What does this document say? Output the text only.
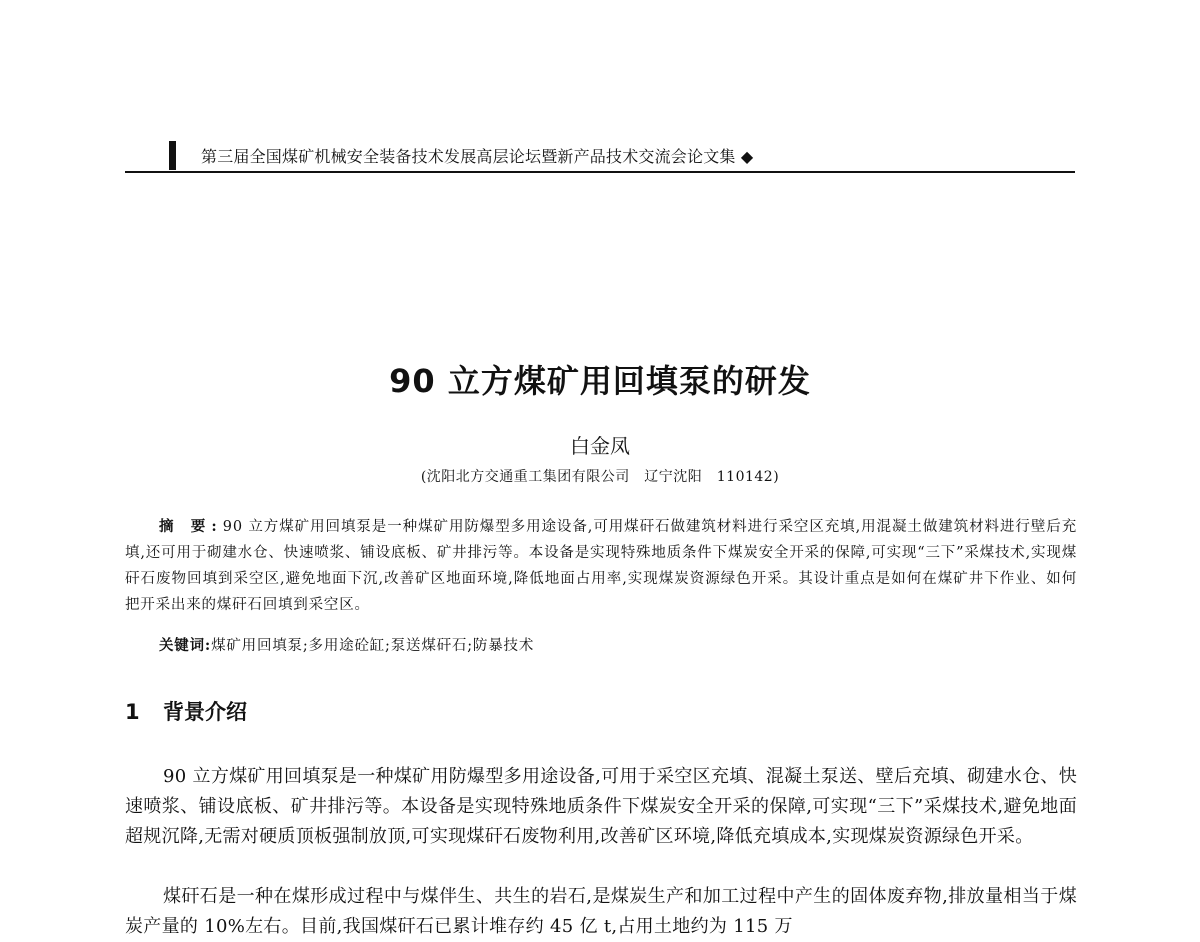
第三届全国煤矿机械安全装备技术发展高层论坛暨新产品技术交流会论文集 ◆
90 立方煤矿用回填泵的研发
白金凤
(沈阳北方交通重工集团有限公司　辽宁沈阳　110142)

摘 要:90 立方煤矿用回填泵是一种煤矿用防爆型多用途设备,可用煤矸石做建筑材料进行采空区充填,用混凝土做建筑材料进行壁后充填,还可用于砌建水仓、快速喷浆、铺设底板、矿井排污等。本设备是实现特殊地质条件下煤炭安全开采的保障,可实现“三下”采煤技术,实现煤矸石废物回填到采空区,避免地面下沉,改善矿区地面环境,降低地面占用率,实现煤炭资源绿色开采。其设计重点是如何在煤矿井下作业、如何把开采出来的煤矸石回填到采空区。

关键词:煤矿用回填泵;多用途砼缸;泵送煤矸石;防暴技术
1 背景介绍

90 立方煤矿用回填泵是一种煤矿用防爆型多用途设备,可用于采空区充填、混凝土泵送、壁后充填、砌建水仓、快速喷浆、铺设底板、矿井排污等。本设备是实现特殊地质条件下煤炭安全开采的保障,可实现“三下”采煤技术,避免地面超规沉降,无需对硬质顶板强制放顶,可实现煤矸石废物利用,改善矿区环境,降低充填成本,实现煤炭资源绿色开采。

煤矸石是一种在煤形成过程中与煤伴生、共生的岩石,是煤炭生产和加工过程中产生的固体废弃物,排放量相当于煤炭产量的 10%左右。目前,我国煤矸石已累计堆存约 45 亿 t,占用土地约为 115 万
